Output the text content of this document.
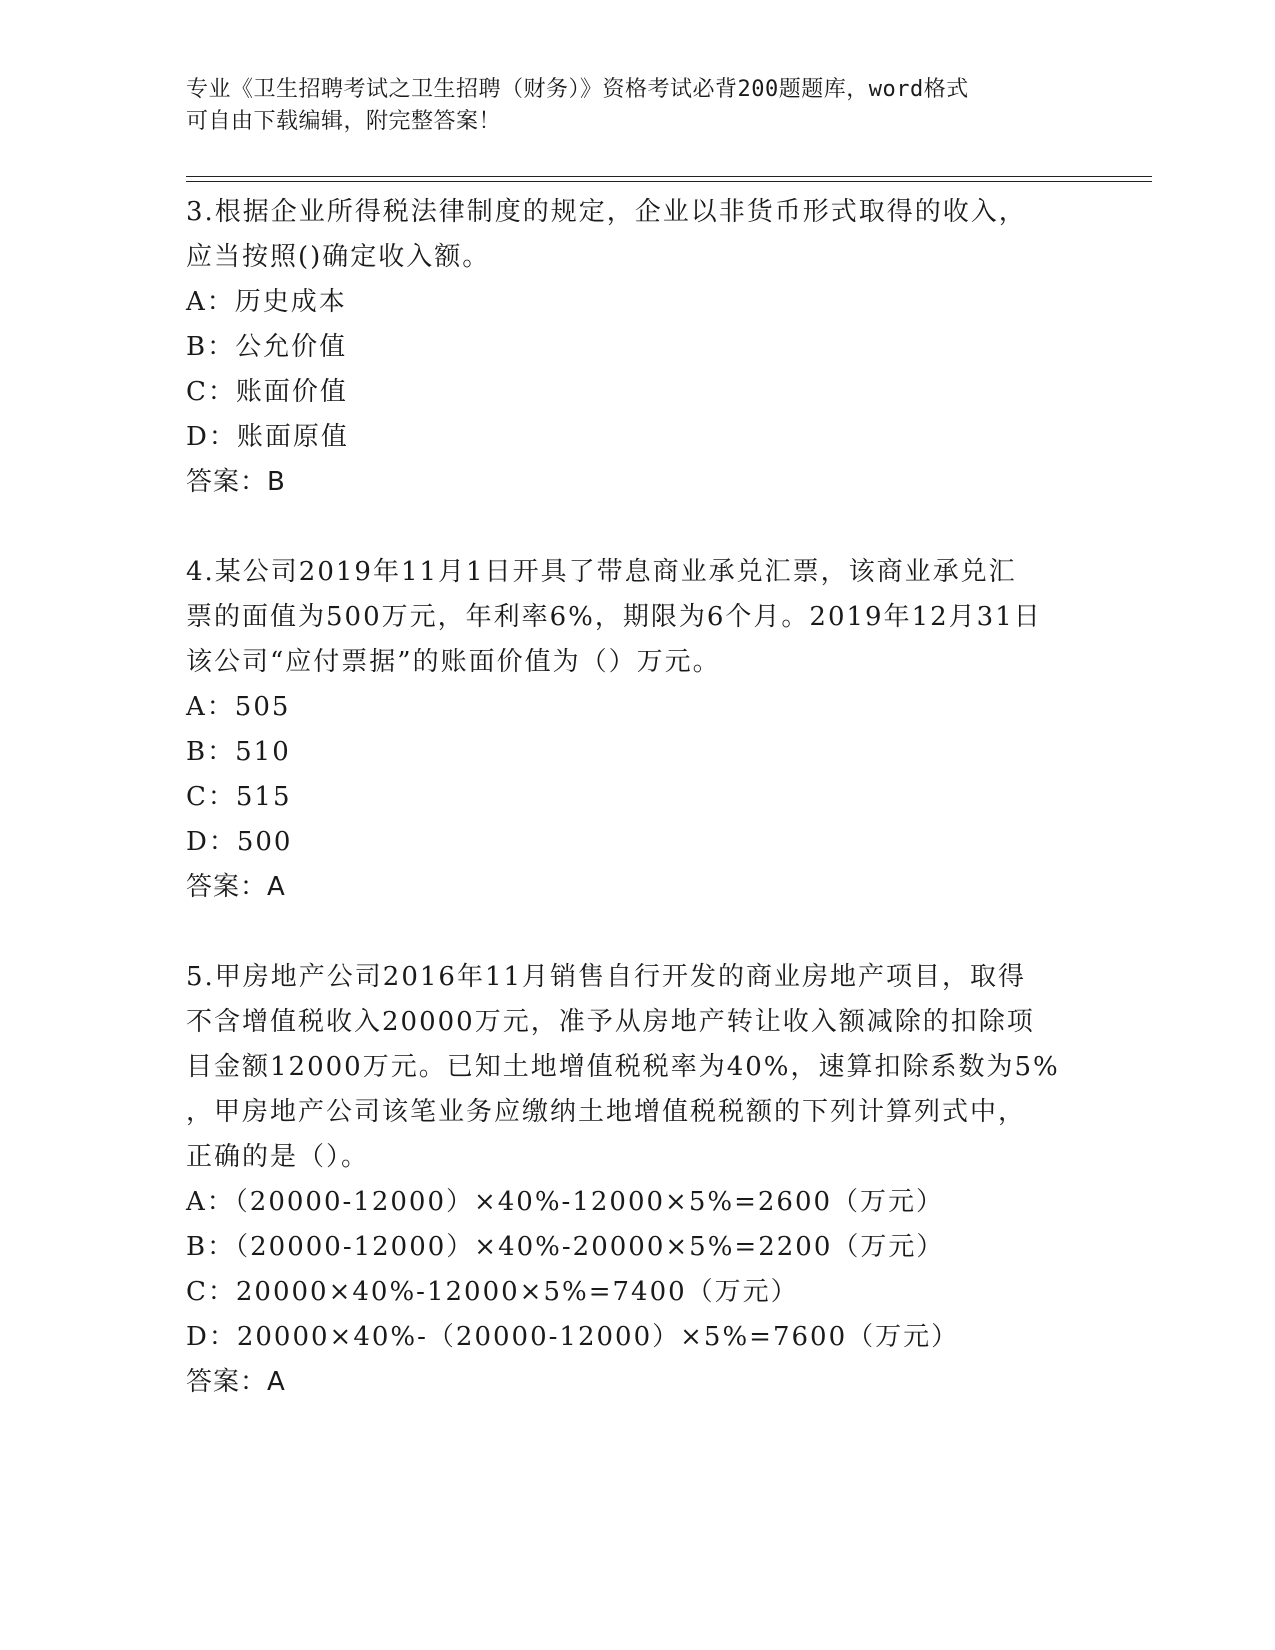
专业《卫生招聘考试之卫生招聘（财务）》资格考试必背200题题库，word格式
可自由下载编辑，附完整答案！
3.根据企业所得税法律制度的规定，企业以非货币形式取得的收入，
应当按照()确定收入额。
A：历史成本
B：公允价值
C：账面价值
D：账面原值
答案：B
4.某公司2019年11月1日开具了带息商业承兑汇票，该商业承兑汇
票的面值为500万元，年利率6%，期限为6个月。2019年12月31日
该公司“应付票据”的账面价值为（）万元。
A：505
B：510
C：515
D：500
答案：A
5.甲房地产公司2016年11月销售自行开发的商业房地产项目，取得
不含增值税收入20000万元，准予从房地产转让收入额减除的扣除项
目金额12000万元。已知土地增值税税率为40%，速算扣除系数为5%
，甲房地产公司该笔业务应缴纳土地增值税税额的下列计算列式中，
正确的是（）。
A：（20000-12000）×40%-12000×5%=2600（万元）
B：（20000-12000）×40%-20000×5%=2200（万元）
C：20000×40%-12000×5%=7400（万元）
D：20000×40%-（20000-12000）×5%=7600（万元）
答案：A
